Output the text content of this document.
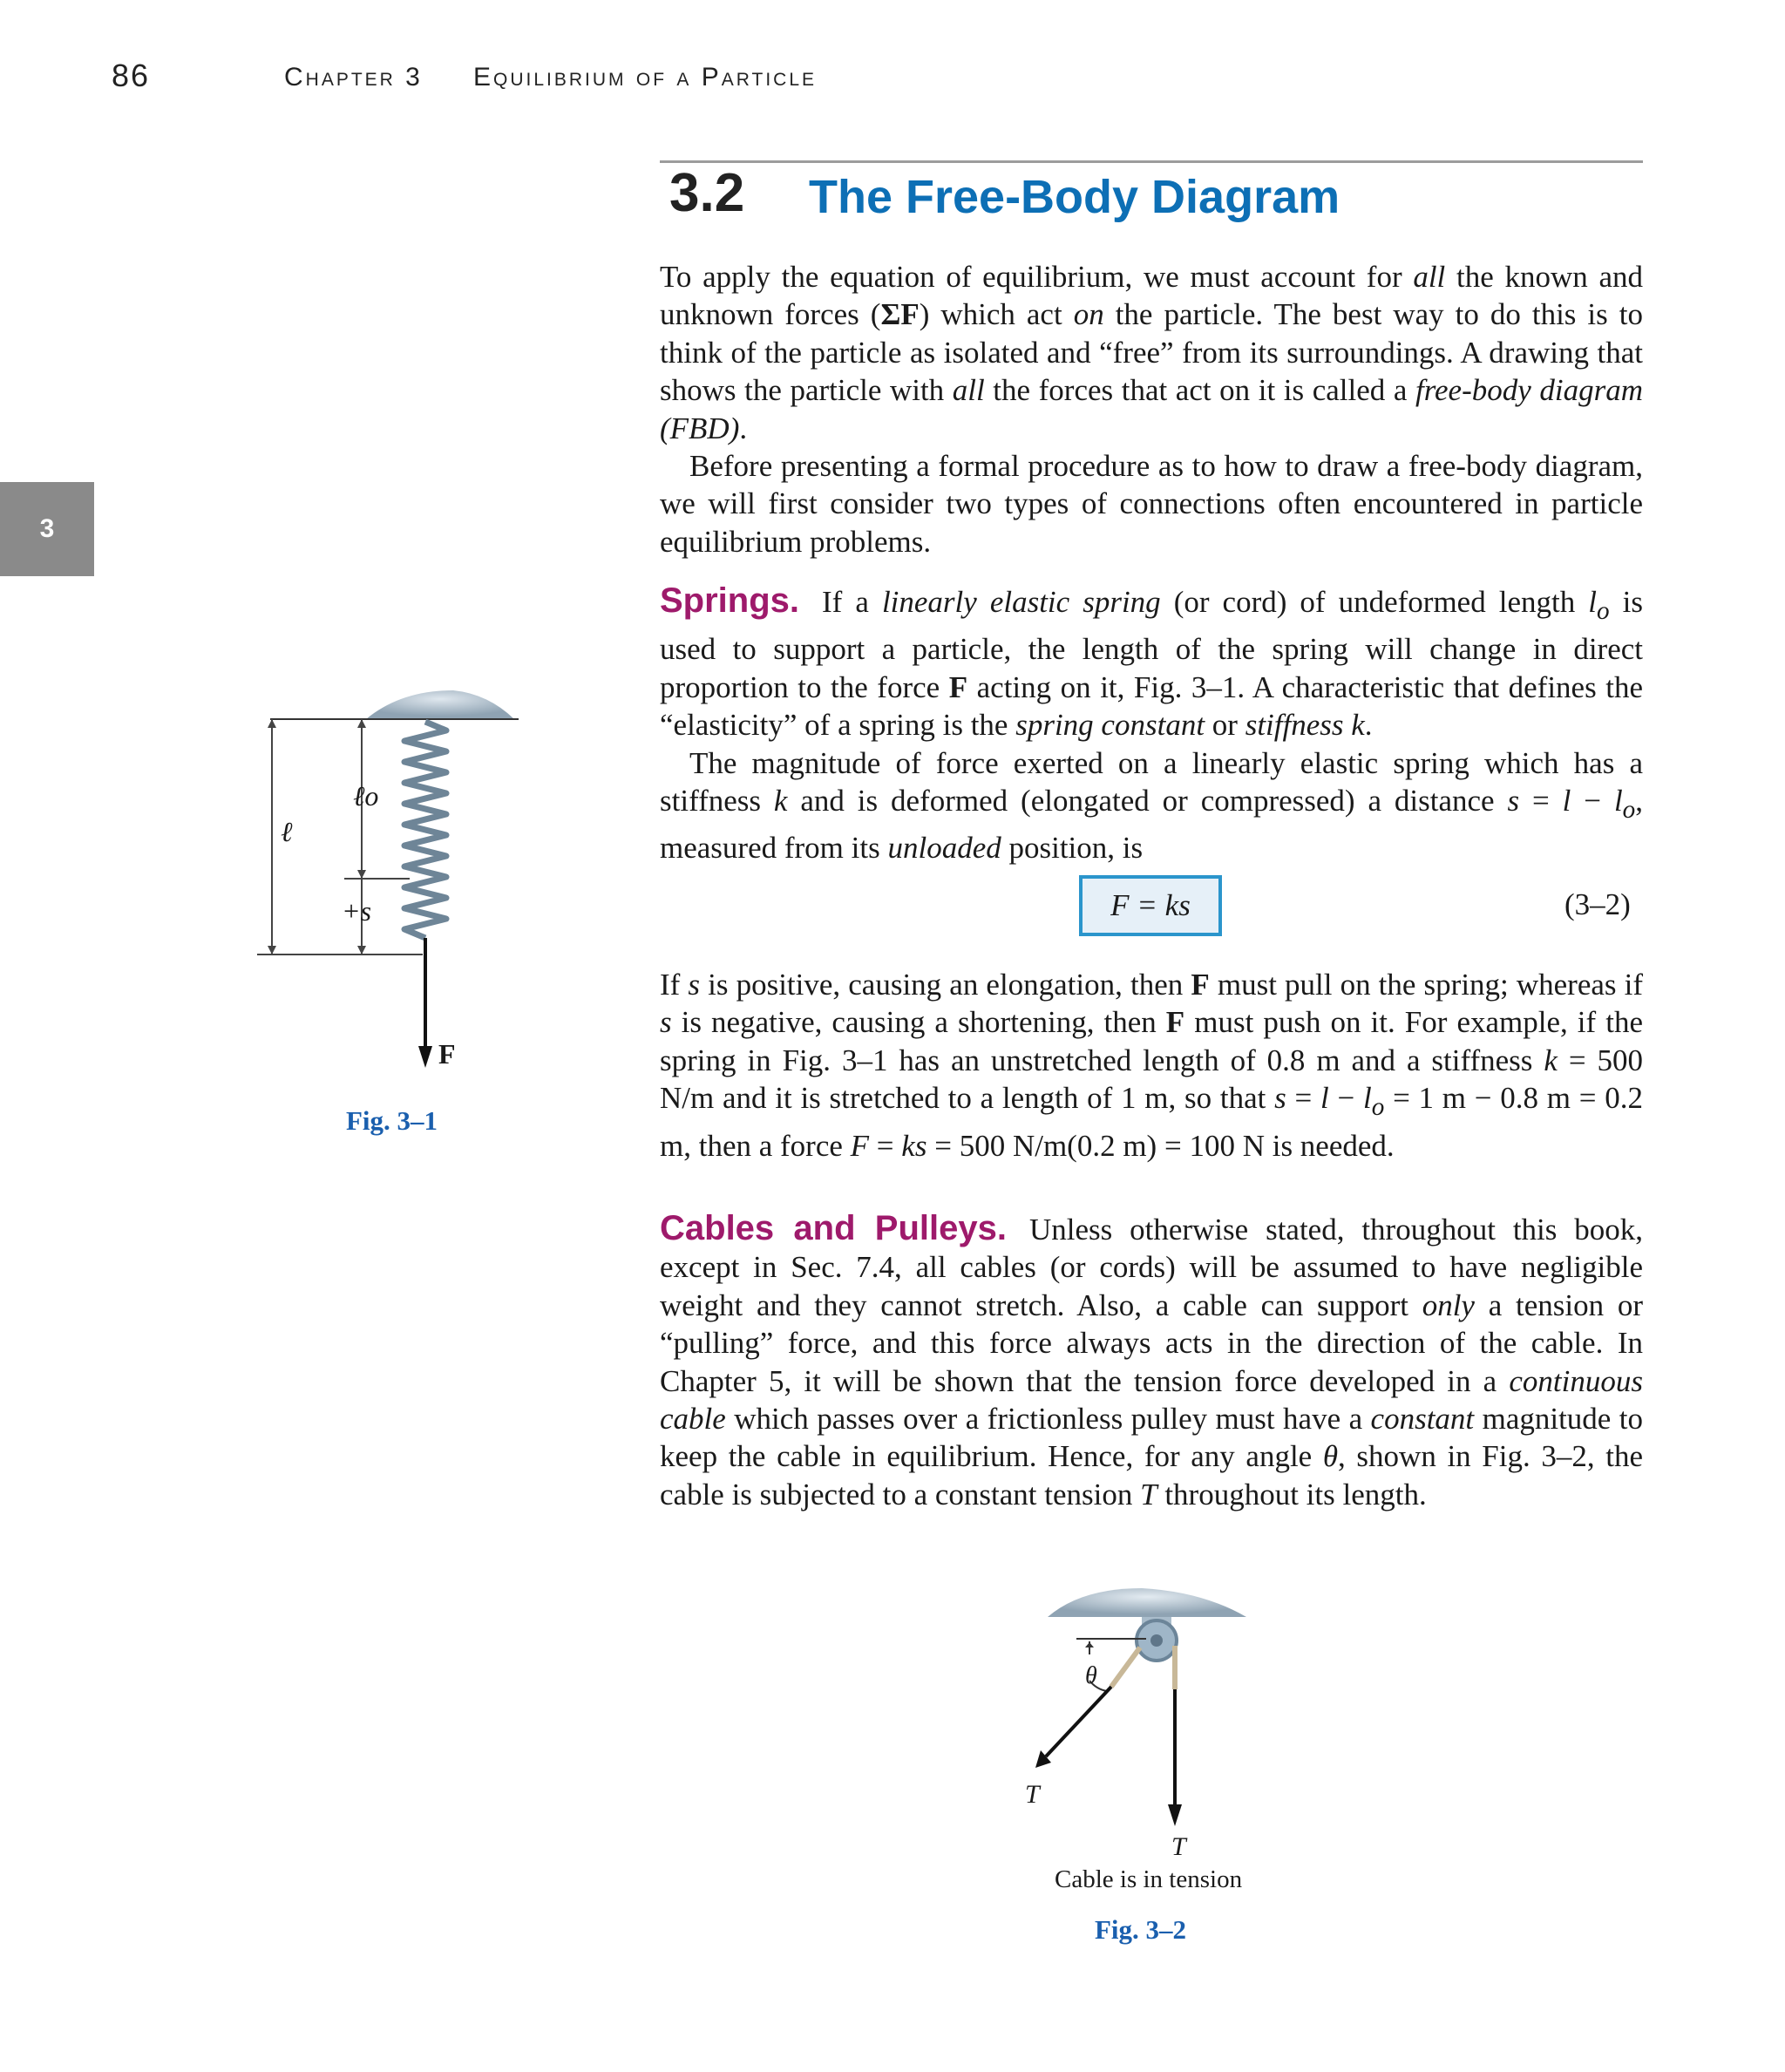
86	Chapter 3 Equilibrium of a Particle
3
3.2 The Free-Body Diagram

To apply the equation of equilibrium, we must account for all the known and unknown forces (ΣF) which act on the particle. The best way to do this is to think of the particle as isolated and “free” from its surroundings. A drawing that shows the particle with all the forces that act on it is called a free-body diagram (FBD).

Before presenting a formal procedure as to how to draw a free-body diagram, we will first consider two types of connections often encountered in particle equilibrium problems.

Springs. If a linearly elastic spring (or cord) of undeformed length $l_o$ is used to support a particle, the length of the spring will change in direct proportion to the force F acting on it, Fig. 3–1. A characteristic that defines the “elasticity” of a spring is the spring constant or stiffness k.

The magnitude of force exerted on a linearly elastic spring which has a stiffness k and is deformed (elongated or compressed) a distance $s = l - l_o$, measured from its unloaded position, is

F = ks	(3–2)

If s is positive, causing an elongation, then F must pull on the spring; whereas if s is negative, causing a shortening, then F must push on it. For example, if the spring in Fig. 3–1 has an unstretched length of 0.8 m and a stiffness k = 500 N/m and it is stretched to a length of 1 m, so that $s = l - l_o = 1$ m − 0.8 m = 0.2 m, then a force F = ks = 500 N/m(0.2 m) = 100 N is needed.

Cables and Pulleys. Unless otherwise stated, throughout this book, except in Sec. 7.4, all cables (or cords) will be assumed to have negligible weight and they cannot stretch. Also, a cable can support only a tension or “pulling” force, and this force always acts in the direction of the cable. In Chapter 5, it will be shown that the tension force developed in a continuous cable which passes over a frictionless pulley must have a constant magnitude to keep the cable in equilibrium. Hence, for any angle θ, shown in Fig. 3–2, the cable is subjected to a constant tension T throughout its length.

ℓ
ℓo
+s
F
Fig. 3–1
θ
T
T
Cable is in tension
Fig. 3–2
